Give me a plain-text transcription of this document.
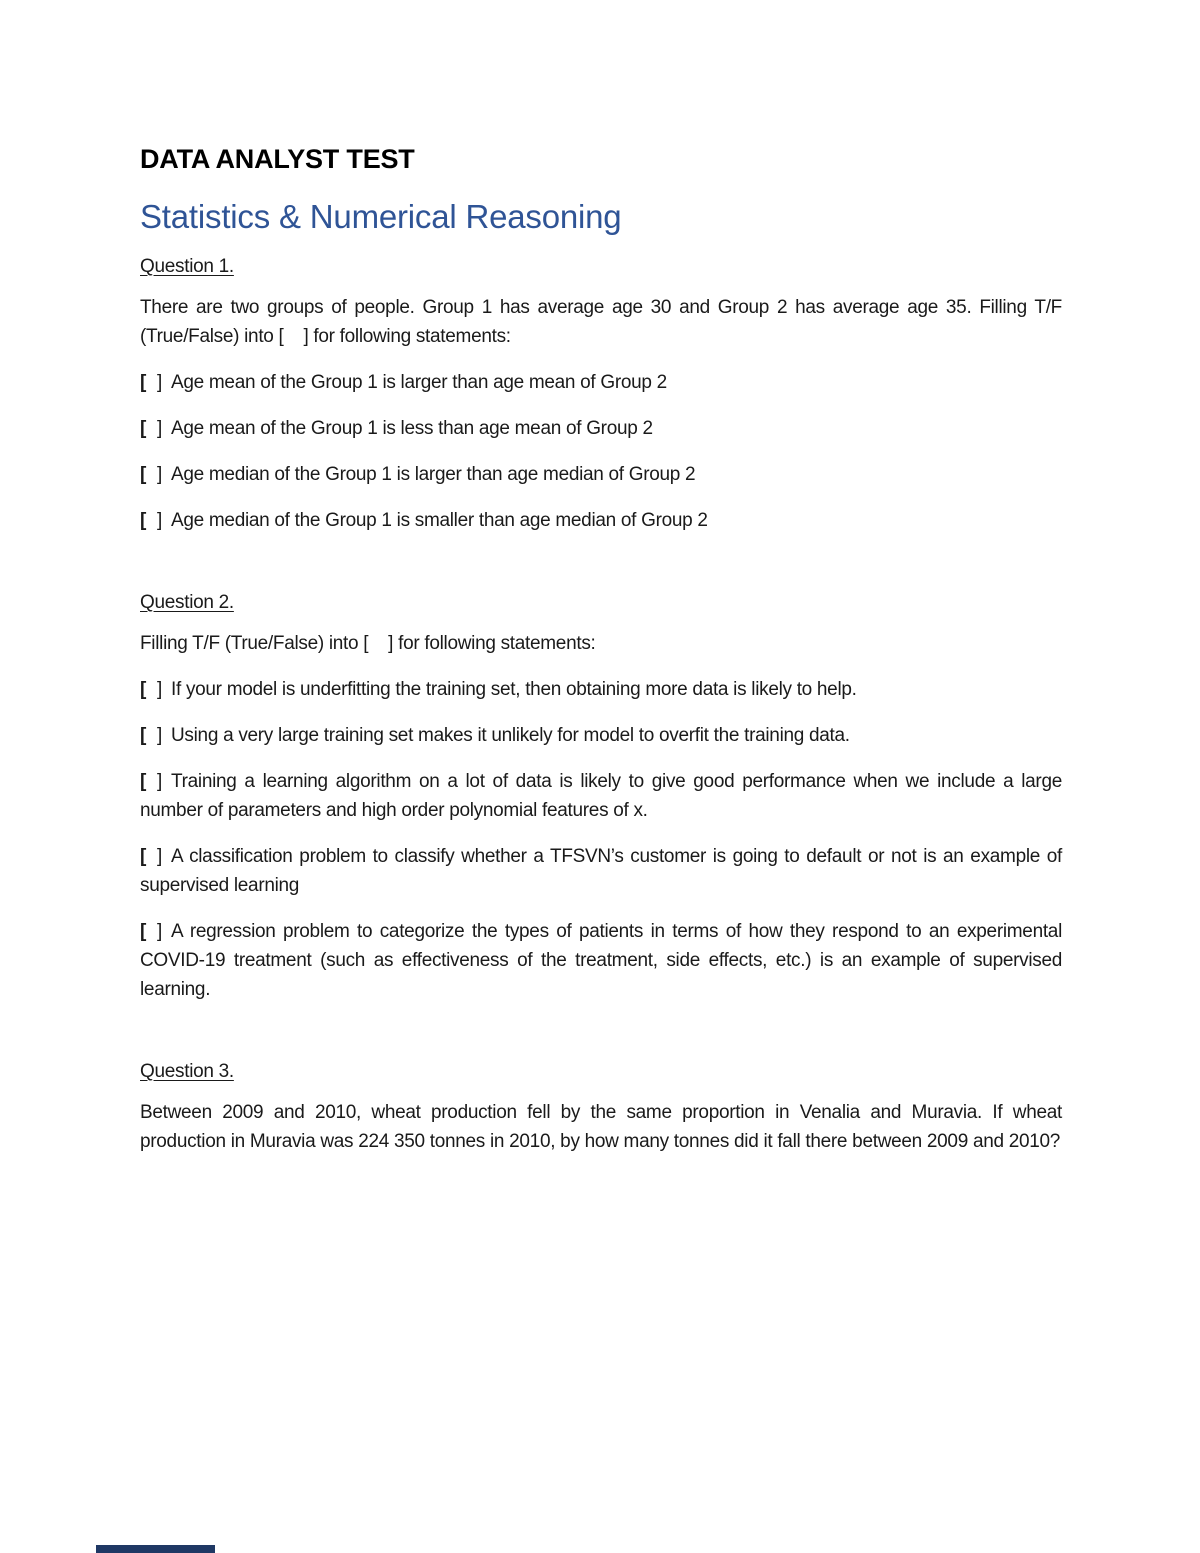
DATA ANALYST TEST
Statistics & Numerical Reasoning

Question 1.

There are two groups of people. Group 1 has average age 30 and Group 2 has average age 35. Filling T/F (True/False) into [    ] for following statements:

[ ] Age mean of the Group 1 is larger than age mean of Group 2

[ ] Age mean of the Group 1 is less than age mean of Group 2

[ ] Age median of the Group 1 is larger than age median of Group 2

[ ] Age median of the Group 1 is smaller than age median of Group 2

Question 2.

Filling T/F (True/False) into [    ] for following statements:

[ ] If your model is underfitting the training set, then obtaining more data is likely to help.

[ ] Using a very large training set makes it unlikely for model to overfit the training data.

[ ] Training a learning algorithm on a lot of data is likely to give good performance when we include a large number of parameters and high order polynomial features of x.

[ ] A classification problem to classify whether a TFSVN’s customer is going to default or not is an example of supervised learning

[ ] A regression problem to categorize the types of patients in terms of how they respond to an experimental COVID-19 treatment (such as effectiveness of the treatment, side effects, etc.) is an example of supervised learning.

Question 3.

Between 2009 and 2010, wheat production fell by the same proportion in Venalia and Muravia. If wheat production in Muravia was 224 350 tonnes in 2010, by how many tonnes did it fall there between 2009 and 2010?
